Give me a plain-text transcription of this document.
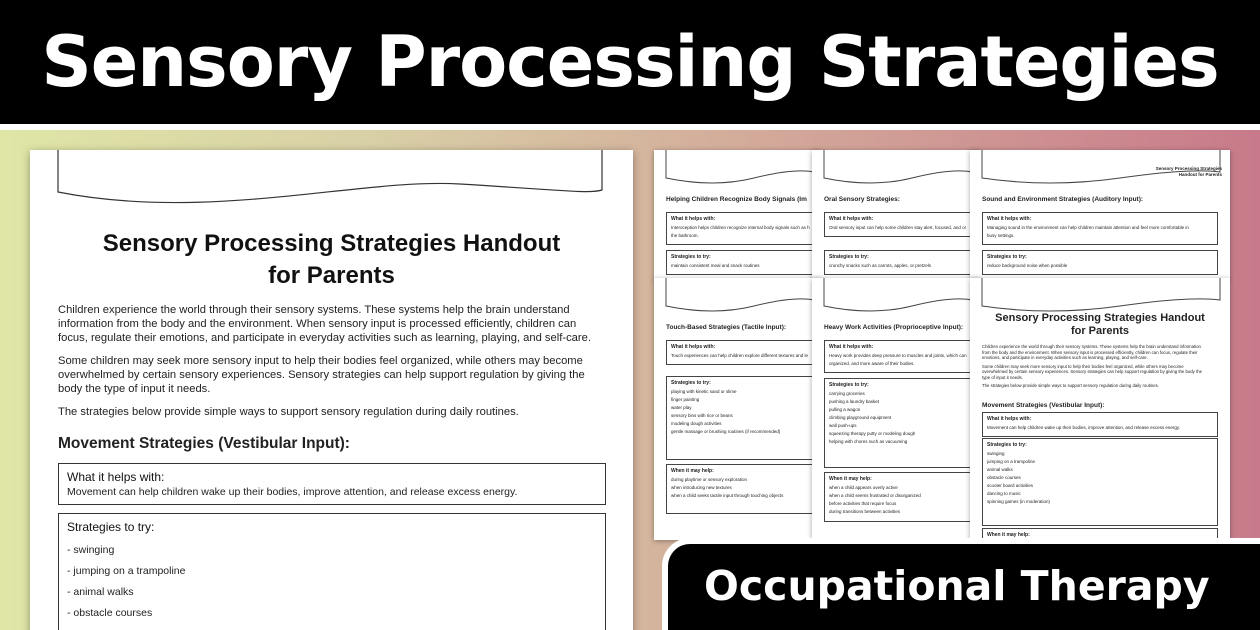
Sensory Processing Strategies
Helping Children Recognize Body Signals (Im
What it helps with:
Interoception helps children recognize internal body signals such as h
the bathroom.
Strategies to try:
maintain consistent meal and snack routines
Oral Sensory Strategies:
What it helps with:
Oral sensory input can help some children stay alert, focused, and or
Strategies to try:
crunchy snacks such as carrots, apples, or pretzels
Sensory Processing Strategies
Handout for Parents
Sound and Environment Strategies (Auditory Input):
What it helps with:
Managing sound in the environment can help children maintain attention and feel more comfortable in
busy settings.
Strategies to try:
reduce background noise when possible
Touch-Based Strategies (Tactile Input):
What it helps with:
Touch experiences can help children explore different textures and le
Strategies to try:
playing with kinetic sand or slime
finger painting
water play
sensory bins with rice or beans
modeling dough activities
gentle massage or brushing routines (if recommended)
When it may help:
during playtime or sensory exploration
when introducing new textures
when a child seeks tactile input through touching objects
Heavy Work Activities (Proprioceptive Input):
What it helps with:
Heavy work provides deep pressure to muscles and joints, which can
organized, and more aware of their bodies.
Strategies to try:
carrying groceries
pushing a laundry basket
pulling a wagon
climbing playground equipment
wall push-ups
squeezing therapy putty or modeling dough
helping with chores such as vacuuming
When it may help:
when a child appears overly active
when a child seems frustrated or disorganized
before activities that require focus
during transitions between activities
Sensory Processing Strategies Handout
for Parents
Children experience the world through their sensory systems. These systems help the brain understand information
from the body and the environment. When sensory input is processed efficiently, children can focus, regulate their
emotions, and participate in everyday activities such as learning, playing, and self-care.
Some children may seek more sensory input to help their bodies feel organized, while others may become
overwhelmed by certain sensory experiences. Sensory strategies can help support regulation by giving the body the
type of input it needs.
The strategies below provide simple ways to support sensory regulation during daily routines.
Movement Strategies (Vestibular Input):
What it helps with:
Movement can help children wake up their bodies, improve attention, and release excess energy.
Strategies to try:
swinging
jumping on a trampoline
animal walks
obstacle courses
scooter board activities
dancing to music
spinning games (in moderation)
When it may help:
Sensory Processing Strategies Handout
for Parents

Children experience the world through their sensory systems. These systems help the brain understand information from the body and the environment. When sensory input is processed efficiently, children can focus, regulate their emotions, and participate in everyday activities such as learning, playing, and self-care.

Some children may seek more sensory input to help their bodies feel organized, while others may become overwhelmed by certain sensory experiences. Sensory strategies can help support regulation by giving the body the type of input it needs.

The strategies below provide simple ways to support sensory regulation during daily routines.

Movement Strategies (Vestibular Input):
What it helps with:
Movement can help children wake up their bodies, improve attention, and release excess energy.
Strategies to try:
- swinging
- jumping on a trampoline
- animal walks
- obstacle courses
Occupational Therapy
